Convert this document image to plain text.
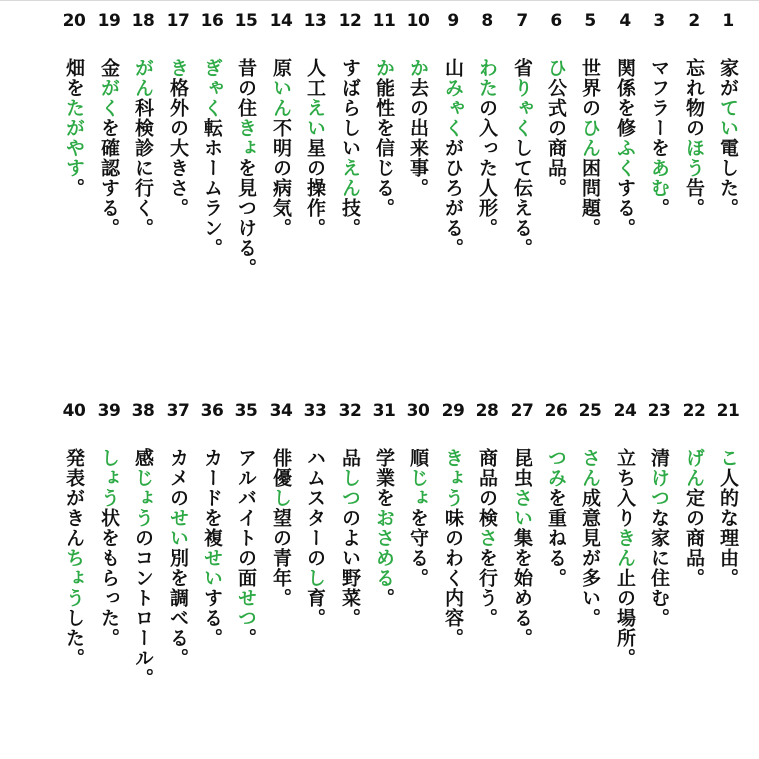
1
家がてい電した。
2
忘れ物のほう告。
3
マフラーをあむ。
4
関係を修ふくする。
5
世界のひん困問題。
6
ひ公式の商品。
7
省りゃくして伝える。
8
わたの入った人形。
9
山みゃくがひろがる。
10
か去の出来事。
11
か能性を信じる。
12
すばらしいえん技。
13
人工えい星の操作。
14
原いん不明の病気。
15
昔の住きょを見つける。
16
ぎゃく転ホームラン。
17
き格外の大きさ。
18
がん科検診に行く。
19
金がくを確認する。
20
畑をたがやす。
21
こ人的な理由。
22
げん定の商品。
23
清けつな家に住む。
24
立ち入りきん止の場所。
25
さん成意見が多い。
26
つみを重ねる。
27
昆虫さい集を始める。
28
商品の検さを行う。
29
きょう味のわく内容。
30
順じょを守る。
31
学業をおさめる。
32
品しつのよい野菜。
33
ハムスターのし育。
34
俳優し望の青年。
35
アルバイトの面せつ。
36
カードを複せいする。
37
カメのせい別を調べる。
38
感じょうのコントロール。
39
しょう状をもらった。
40
発表がきんちょうした。
